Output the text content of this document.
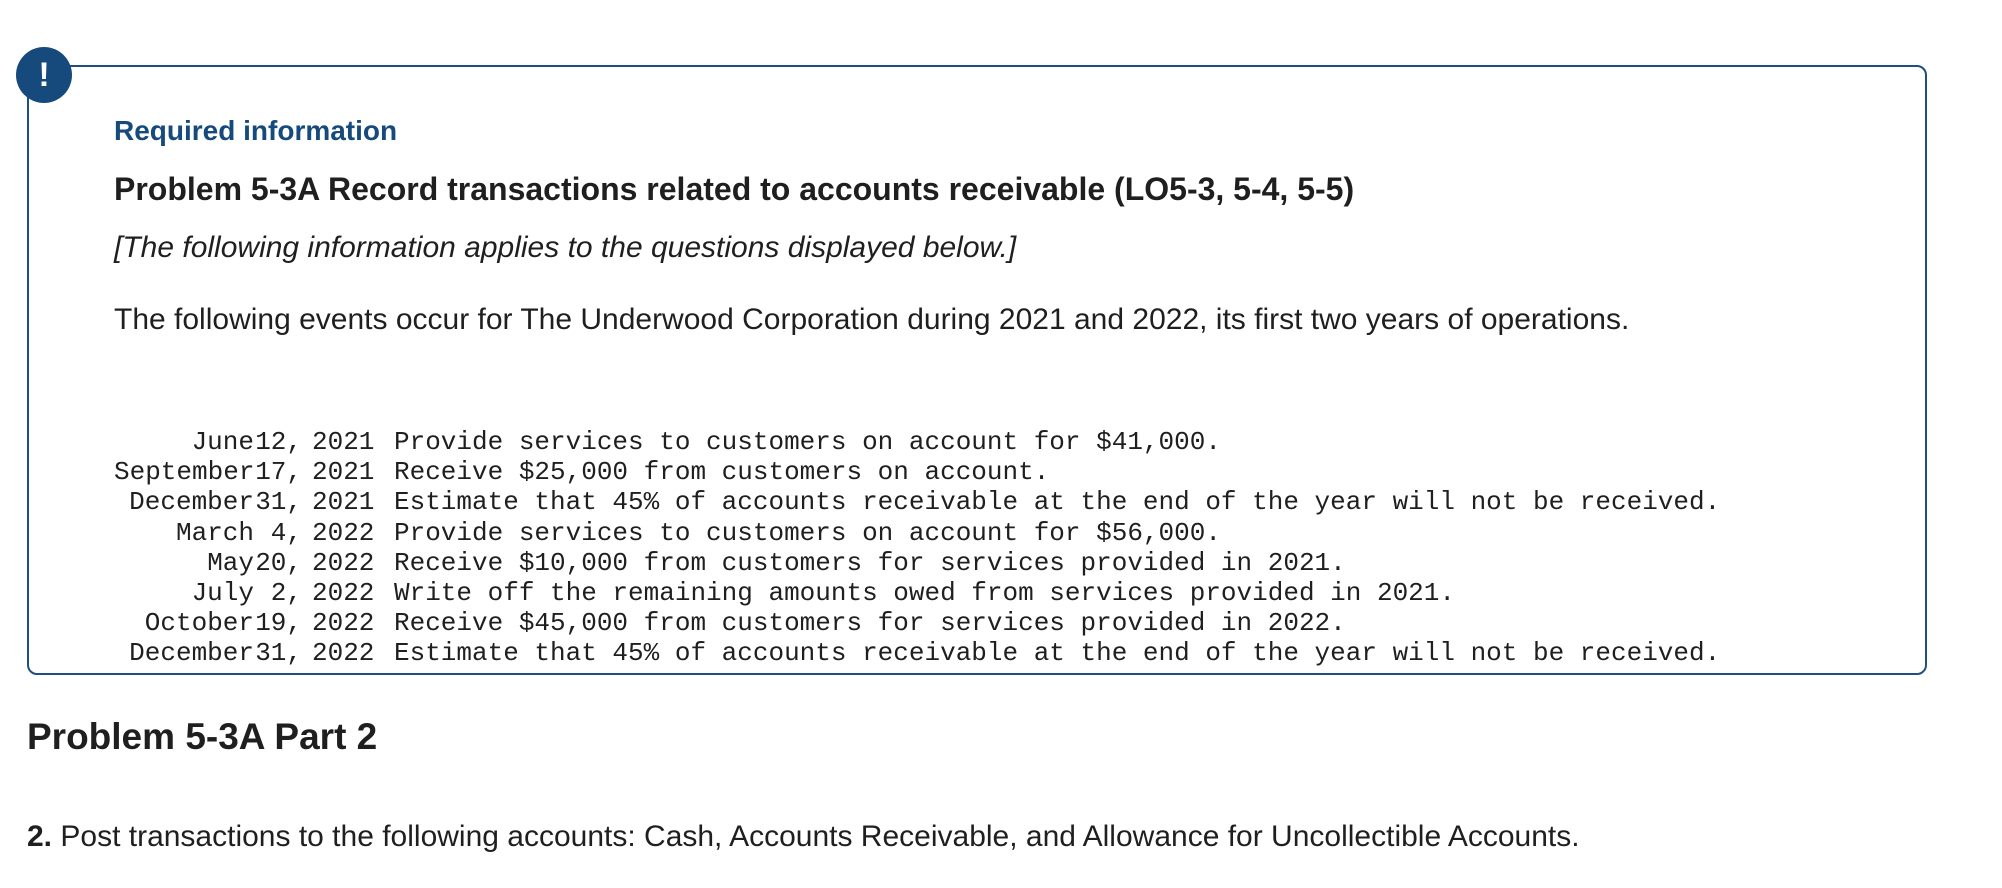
!
Required information
Problem 5-3A Record transactions related to accounts receivable (LO5-3, 5-4, 5-5)
[The following information applies to the questions displayed below.]
The following events occur for The Underwood Corporation during 2021 and 2022, its first two years of operations.
June 12, 2021 Provide services to customers on account for $41,000.
September 17, 2021 Receive $25,000 from customers on account.
December 31, 2021 Estimate that 45% of accounts receivable at the end of the year will not be received.
March 4, 2022 Provide services to customers on account for $56,000.
May 20, 2022 Receive $10,000 from customers for services provided in 2021.
July 2, 2022 Write off the remaining amounts owed from services provided in 2021.
October 19, 2022 Receive $45,000 from customers for services provided in 2022.
December 31, 2022 Estimate that 45% of accounts receivable at the end of the year will not be received.
Problem 5-3A Part 2
2. Post transactions to the following accounts: Cash, Accounts Receivable, and Allowance for Uncollectible Accounts.
